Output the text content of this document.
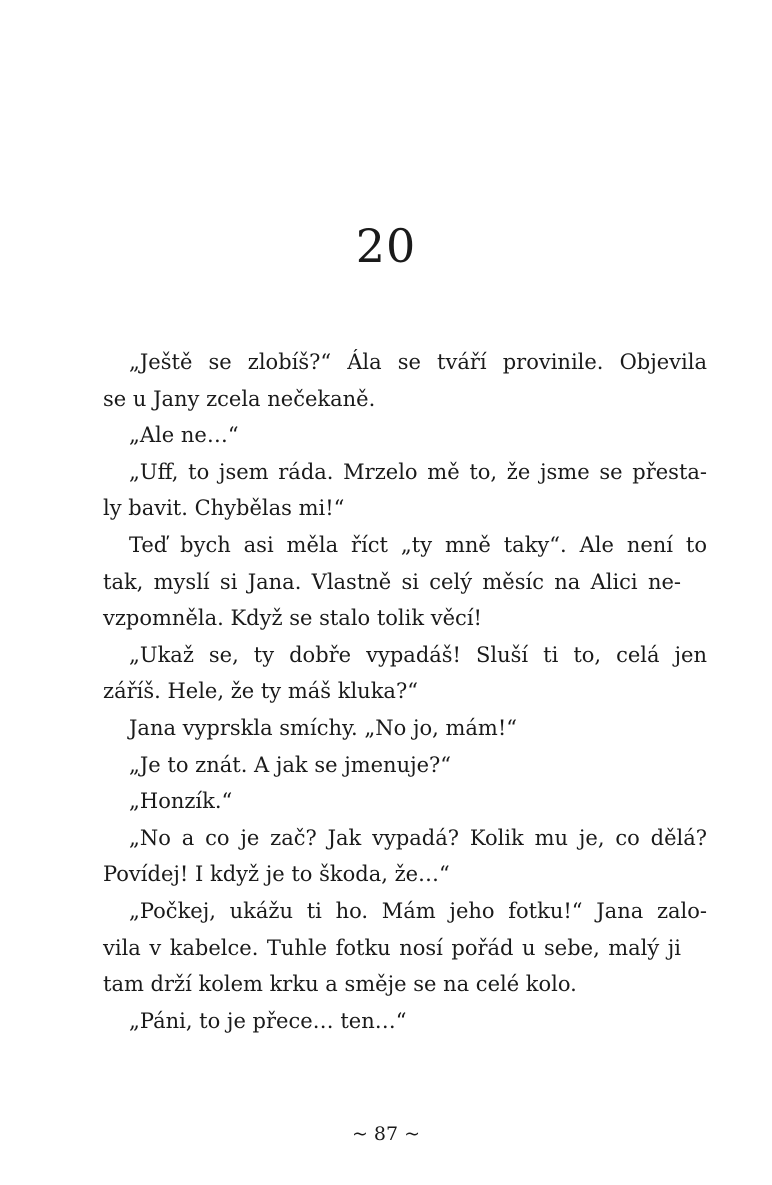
20
„Ještě se zlobíš?“ Ála se tváří provinile. Objevila
se u Jany zcela nečekaně.
„Ale ne…“
„Uff, to jsem ráda. Mrzelo mě to, že jsme se přesta-
ly bavit. Chybělas mi!“
Teď bych asi měla říct „ty mně taky“. Ale není to
tak, myslí si Jana. Vlastně si celý měsíc na Alici ne-
vzpomněla. Když se stalo tolik věcí!
„Ukaž se, ty dobře vypadáš! Sluší ti to, celá jen
záříš. Hele, že ty máš kluka?“
Jana vyprskla smíchy. „No jo, mám!“
„Je to znát. A jak se jmenuje?“
„Honzík.“
„No a co je zač? Jak vypadá? Kolik mu je, co dělá?
Povídej! I když je to škoda, že…“
„Počkej, ukážu ti ho. Mám jeho fotku!“ Jana zalo-
vila v kabelce. Tuhle fotku nosí pořád u sebe, malý ji
tam drží kolem krku a směje se na celé kolo.
„Páni, to je přece… ten…“
~ 87 ~
